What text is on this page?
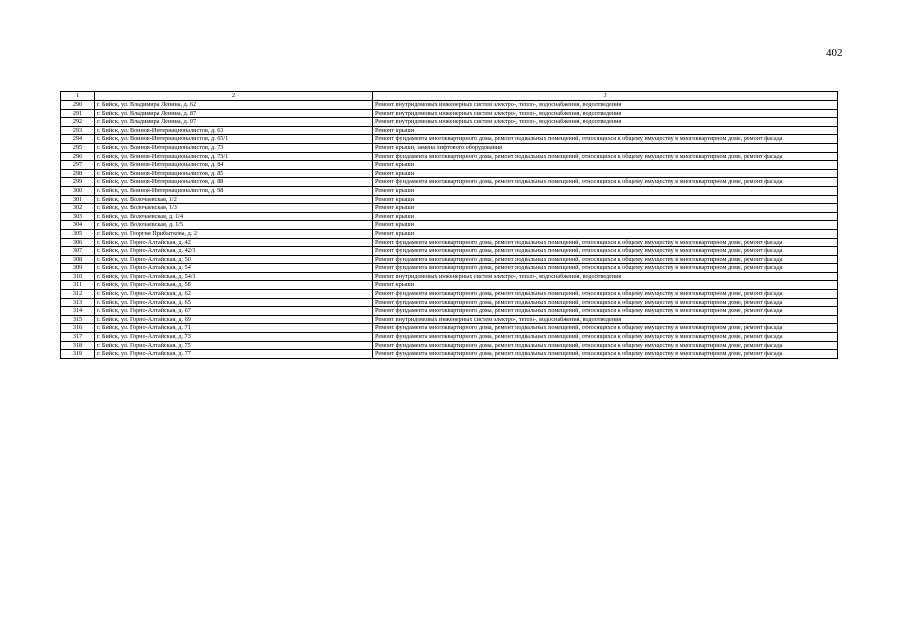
402
1	2	3
290	г. Бийск, ул. Владимира Ленина, д. 62	Ремонт внутридомовых инженерных систем электро-, тепло-, водоснабжения, водоотведения
291	г. Бийск, ул. Владимира Ленина, д. 87	Ремонт внутридомовых инженерных систем электро-, тепло-, водоснабжения, водоотведения
292	г. Бийск, ул. Владимира Ленина, д. 97	Ремонт внутридомовых инженерных систем электро-, тепло-, водоснабжения, водоотведения
293	г. Бийск, ул. Воинов-Интернационалистов, д. 63	Ремонт крыши
294	г. Бийск, ул. Воинов-Интернационалистов, д. 65/1	Ремонт фундамента многоквартирного дома, ремонт подвальных помещений, относящихся к общему имуществу в многоквартирном доме, ремонт фасада
295	г. Бийск, ул. Воинов-Интернационалистов, д. 73	Ремонт крыши, замена лифтового оборудования
296	г. Бийск, ул. Воинов-Интернационалистов, д. 73/1	Ремонт фундамента многоквартирного дома, ремонт подвальных помещений, относящихся к общему имуществу в многоквартирном доме, ремонт фасада
297	г. Бийск, ул. Воинов-Интернационалистов, д. 84	Ремонт крыши
298	г. Бийск, ул. Воинов-Интернационалистов, д. 85	Ремонт крыши
299	г. Бийск, ул. Воинов-Интернационалистов, д. 88	Ремонт фундамента многоквартирного дома, ремонт подвальных помещений, относящихся к общему имуществу в многоквартирном доме, ремонт фасада
300	г. Бийск, ул. Воинов-Интернационалистов, д. 98	Ремонт крыши
301	г. Бийск, ул. Волочаевская, 1/2	Ремонт крыши
302	г. Бийск, ул. Волочаевская, 1/3	Ремонт крыши
303	г. Бийск, ул. Волочаевская, д. 1/4	Ремонт крыши
304	г. Бийск, ул. Волочаевская, д. 1/5	Ремонт крыши
305	г. Бийск, ул. Георгия Прибыткова, д. 2	Ремонт крыши
306	г. Бийск, ул. Горно-Алтайская, д. 42	Ремонт фундамента многоквартирного дома, ремонт подвальных помещений, относящихся к общему имуществу в многоквартирном доме, ремонт фасада
307	г. Бийск, ул. Горно-Алтайская, д. 42/1	Ремонт фундамента многоквартирного дома, ремонт подвальных помещений, относящихся к общему имуществу в многоквартирном доме, ремонт фасада
308	г. Бийск, ул. Горно-Алтайская, д. 50	Ремонт фундамента многоквартирного дома, ремонт подвальных помещений, относящихся к общему имуществу в многоквартирном доме, ремонт фасада
309	г. Бийск, ул. Горно-Алтайская, д. 54	Ремонт фундамента многоквартирного дома, ремонт подвальных помещений, относящихся к общему имуществу в многоквартирном доме, ремонт фасада
310	г. Бийск, ул. Горно-Алтайская, д. 54/1	Ремонт внутридомовых инженерных систем электро-, тепло-, водоснабжения, водоотведения
311	г. Бийск, ул. Горно-Алтайская, д. 58	Ремонт крыши
312	г. Бийск, ул. Горно-Алтайская, д. 62	Ремонт фундамента многоквартирного дома, ремонт подвальных помещений, относящихся к общему имуществу в многоквартирном доме, ремонт фасада
313	г. Бийск, ул. Горно-Алтайская, д. 65	Ремонт фундамента многоквартирного дома, ремонт подвальных помещений, относящихся к общему имуществу в многоквартирном доме, ремонт фасада
314	г. Бийск, ул. Горно-Алтайская, д. 67	Ремонт фундамента многоквартирного дома, ремонт подвальных помещений, относящихся к общему имуществу в многоквартирном доме, ремонт фасада
315	г. Бийск, ул. Горно-Алтайская, д. 69	Ремонт внутридомовых инженерных систем электро-, тепло-, водоснабжения, водоотведения
316	г. Бийск, ул. Горно-Алтайская, д. 71	Ремонт фундамента многоквартирного дома, ремонт подвальных помещений, относящихся к общему имуществу в многоквартирном доме, ремонт фасада
317	г. Бийск, ул. Горно-Алтайская, д. 73	Ремонт фундамента многоквартирного дома, ремонт подвальных помещений, относящихся к общему имуществу в многоквартирном доме, ремонт фасада
318	г. Бийск, ул. Горно-Алтайская, д. 75	Ремонт фундамента многоквартирного дома, ремонт подвальных помещений, относящихся к общему имуществу в многоквартирном доме, ремонт фасада
319	г. Бийск, ул. Горно-Алтайская, д. 77	Ремонт фундамента многоквартирного дома, ремонт подвальных помещений, относящихся к общему имуществу в многоквартирном доме, ремонт фасада
